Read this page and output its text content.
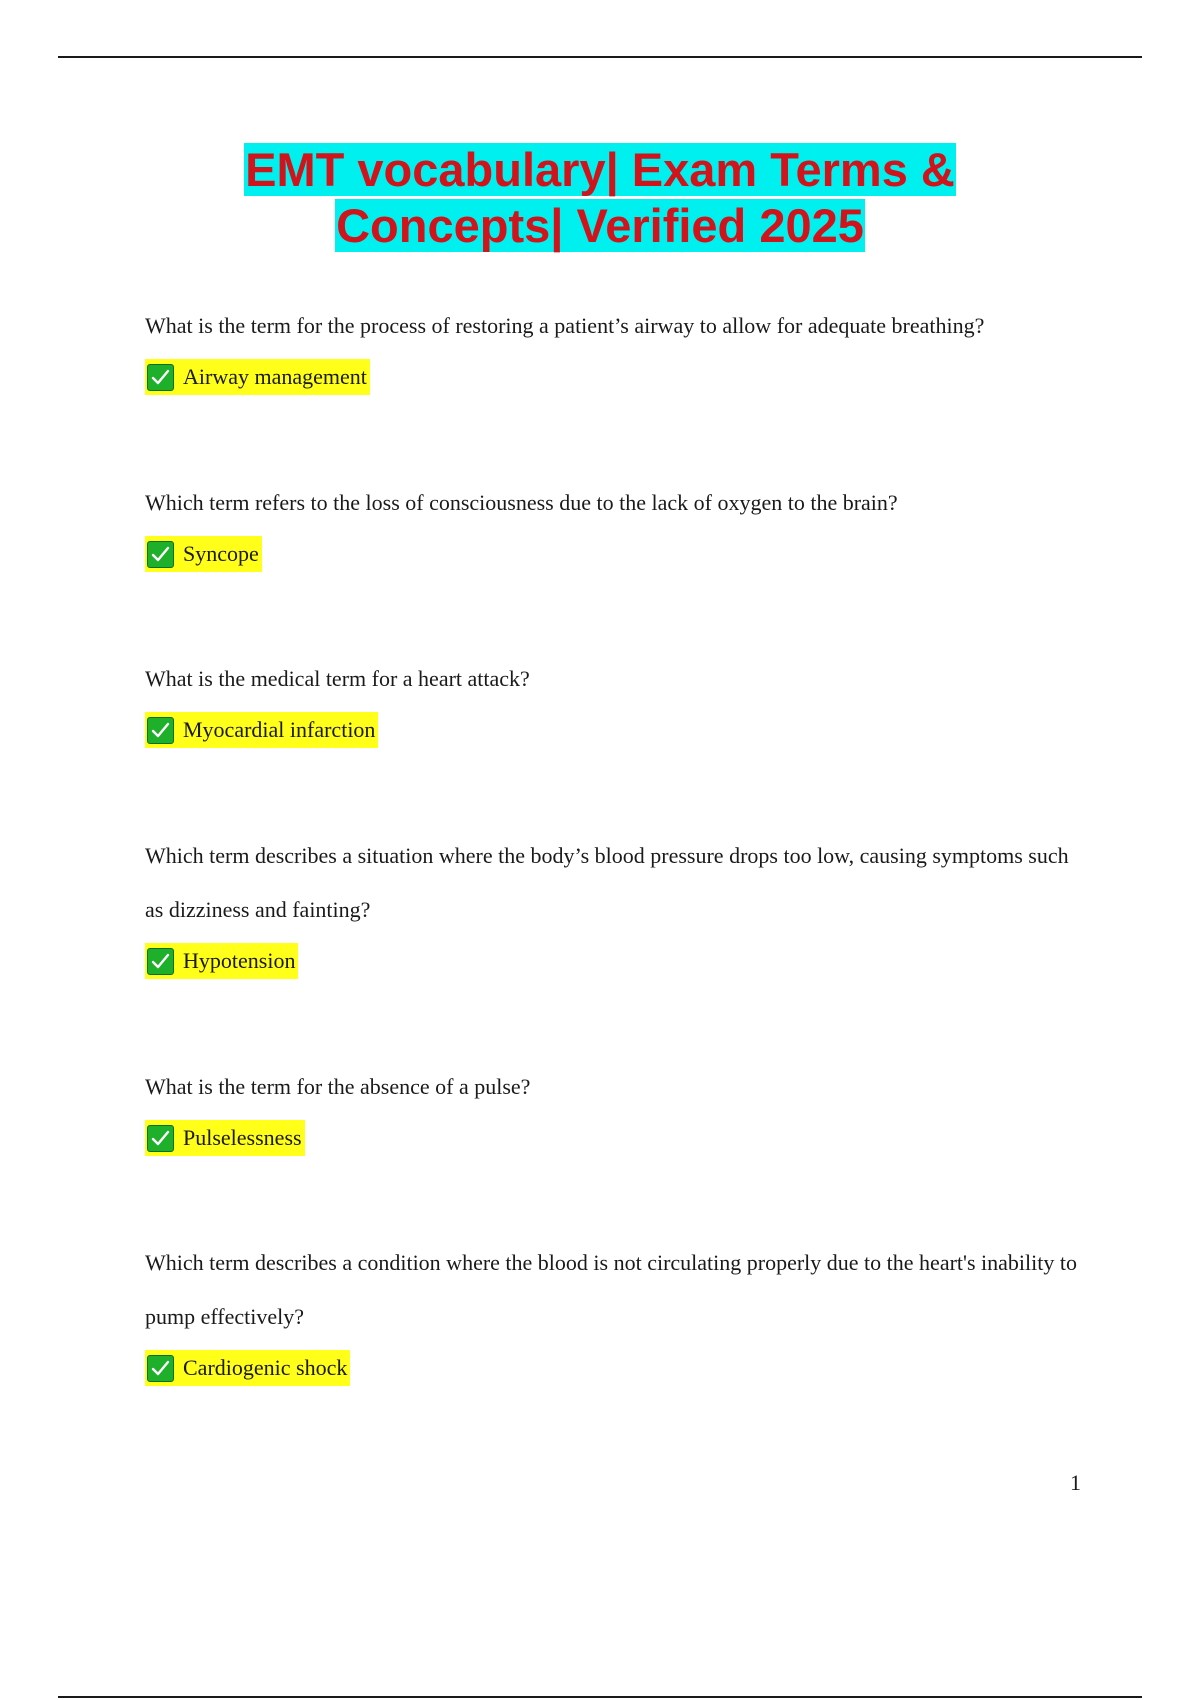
EMT vocabulary| Exam Terms &
Concepts| Verified 2025

What is the term for the process of restoring a patient’s airway to allow for adequate breathing?

Airway management

Which term refers to the loss of consciousness due to the lack of oxygen to the brain?

Syncope

What is the medical term for a heart attack?

Myocardial infarction

Which term describes a situation where the body’s blood pressure drops too low, causing symptoms such as dizziness and fainting?

Hypotension

What is the term for the absence of a pulse?

Pulselessness

Which term describes a condition where the blood is not circulating properly due to the heart's inability to pump effectively?

Cardiogenic shock
1
